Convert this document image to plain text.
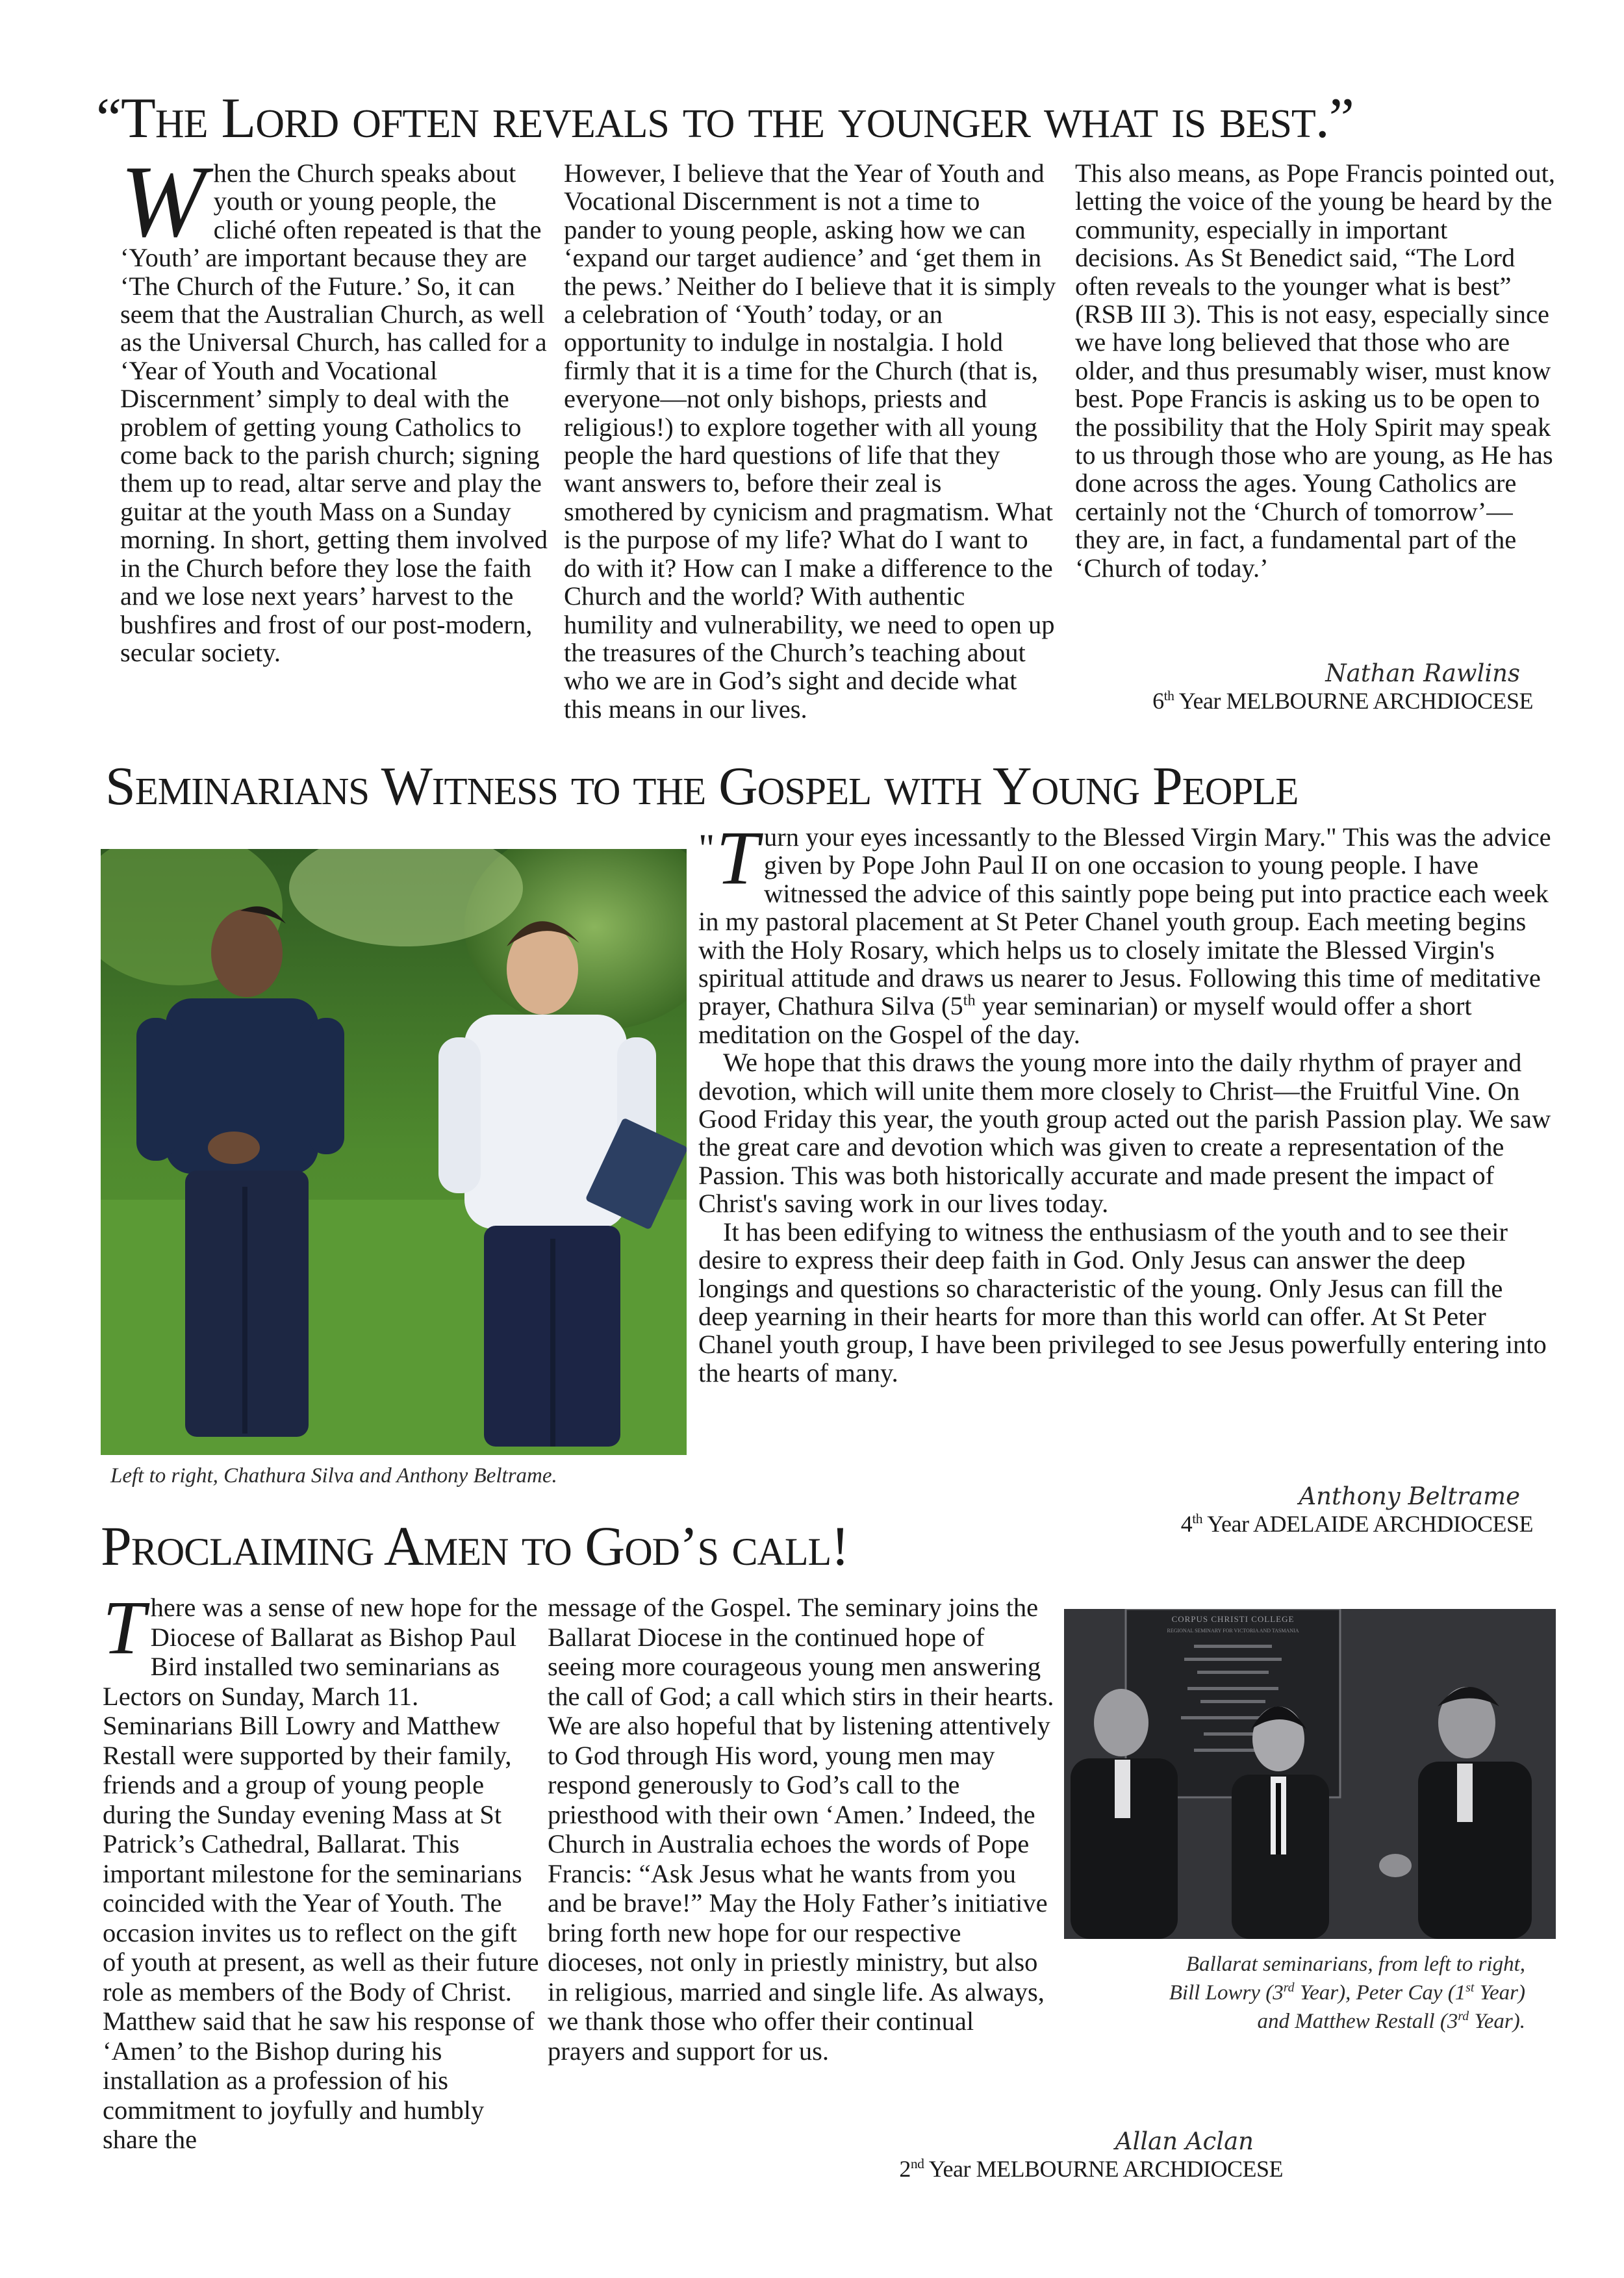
“The Lord often reveals to the younger what is best.”
W hen the Church speaks about youth or young people, the cliché often repeated is that the ‘Youth’ are important because they are ‘The Church of the Future.’ So, it can seem that the Australian Church, as well as the Universal Church, has called for a ‘Year of Youth and Vocational Discernment’ simply to deal with the problem of getting young Catholics to come back to the parish church; signing them up to read, altar serve and play the guitar at the youth Mass on a Sunday morning. In short, getting them involved in the Church before they lose the faith and we lose next years’ harvest to the bushfires and frost of our post-modern, secular society.
However, I believe that the Year of Youth and Vocational Discernment is not a time to pander to young people, asking how we can ‘expand our target audience’ and ‘get them in the pews.’ Neither do I believe that it is simply a celebration of ‘Youth’ today, or an opportunity to indulge in nostalgia. I hold firmly that it is a time for the Church (that is, everyone—not only bishops, priests and religious!) to explore together with all young people the hard questions of life that they want answers to, before their zeal is smothered by cynicism and pragmatism. What is the purpose of my life? What do I want to do with it? How can I make a difference to the Church and the world? With authentic humility and vulnerability, we need to open up the treasures of the Church’s teaching about who we are in God’s sight and decide what this means in our lives.
This also means, as Pope Francis pointed out, letting the voice of the young be heard by the community, especially in important decisions. As St Benedict said, “The Lord often reveals to the younger what is best” (RSB III 3). This is not easy, especially since we have long believed that those who are older, and thus presumably wiser, must know best. Pope Francis is asking us to be open to the possibility that the Holy Spirit may speak to us through those who are young, as He has done across the ages. Young Catholics are certainly not the ‘Church of tomorrow’—they are, in fact, a fundamental part of the ‘Church of today.’
Nathan Rawlins
6th Year MELBOURNE ARCHDIOCESE
Seminarians Witness to the Gospel with Young People
Left to right, Chathura Silva and Anthony Beltrame.

" T urn your eyes incessantly to the Blessed Virgin Mary." This was the advice given by Pope John Paul II on one occasion to young people. I have witnessed the advice of this saintly pope being put into practice each week in my pastoral placement at St Peter Chanel youth group. Each meeting begins with the Holy Rosary, which helps us to closely imitate the Blessed Virgin's spiritual attitude and draws us nearer to Jesus. Following this time of meditative prayer, Chathura Silva (5th year seminarian) or myself would offer a short meditation on the Gospel of the day.

We hope that this draws the young more into the daily rhythm of prayer and devotion, which will unite them more closely to Christ—the Fruitful Vine. On Good Friday this year, the youth group acted out the parish Passion play. We saw the great care and devotion which was given to create a representation of the Passion. This was both historically accurate and made present the impact of Christ's saving work in our lives today.

It has been edifying to witness the enthusiasm of the youth and to see their desire to express their deep faith in God. Only Jesus can answer the deep longings and questions so characteristic of the young. Only Jesus can fill the deep yearning in their hearts for more than this world can offer. At St Peter Chanel youth group, I have been privileged to see Jesus powerfully entering into the hearts of many.

Anthony Beltrame
4th Year ADELAIDE ARCHDIOCESE
Proclaiming Amen to God’s call!
T here was a sense of new hope for the Diocese of Ballarat as Bishop Paul Bird installed two seminarians as Lectors on Sunday, March 11. Seminarians Bill Lowry and Matthew Restall were supported by their family, friends and a group of young people during the Sunday evening Mass at St Patrick’s Cathedral, Ballarat. This important milestone for the seminarians coincided with the Year of Youth. The occasion invites us to reflect on the gift of youth at present, as well as their future role as members of the Body of Christ. Matthew said that he saw his response of ‘Amen’ to the Bishop during his installation as a profession of his commitment to joyfully and humbly share the
message of the Gospel. The seminary joins the Ballarat Diocese in the continued hope of seeing more courageous young men answering the call of God; a call which stirs in their hearts. We are also hopeful that by listening attentively to God through His word, young men may respond generously to God’s call to the priesthood with their own ‘Amen.’ Indeed, the Church in Australia echoes the words of Pope Francis: “Ask Jesus what he wants from you and be brave!” May the Holy Father’s initiative bring forth new hope for our respective dioceses, not only in priestly ministry, but also in religious, married and single life. As always, we thank those who offer their continual prayers and support for us.
CORPUS CHRISTI COLLEGE
REGIONAL SEMINARY FOR VICTORIA AND TASMANIA
Ballarat seminarians, from left to right,
Bill Lowry (3rd Year), Peter Cay (1st Year)
and Matthew Restall (3rd Year).
Allan Aclan
2nd Year MELBOURNE ARCHDIOCESE
